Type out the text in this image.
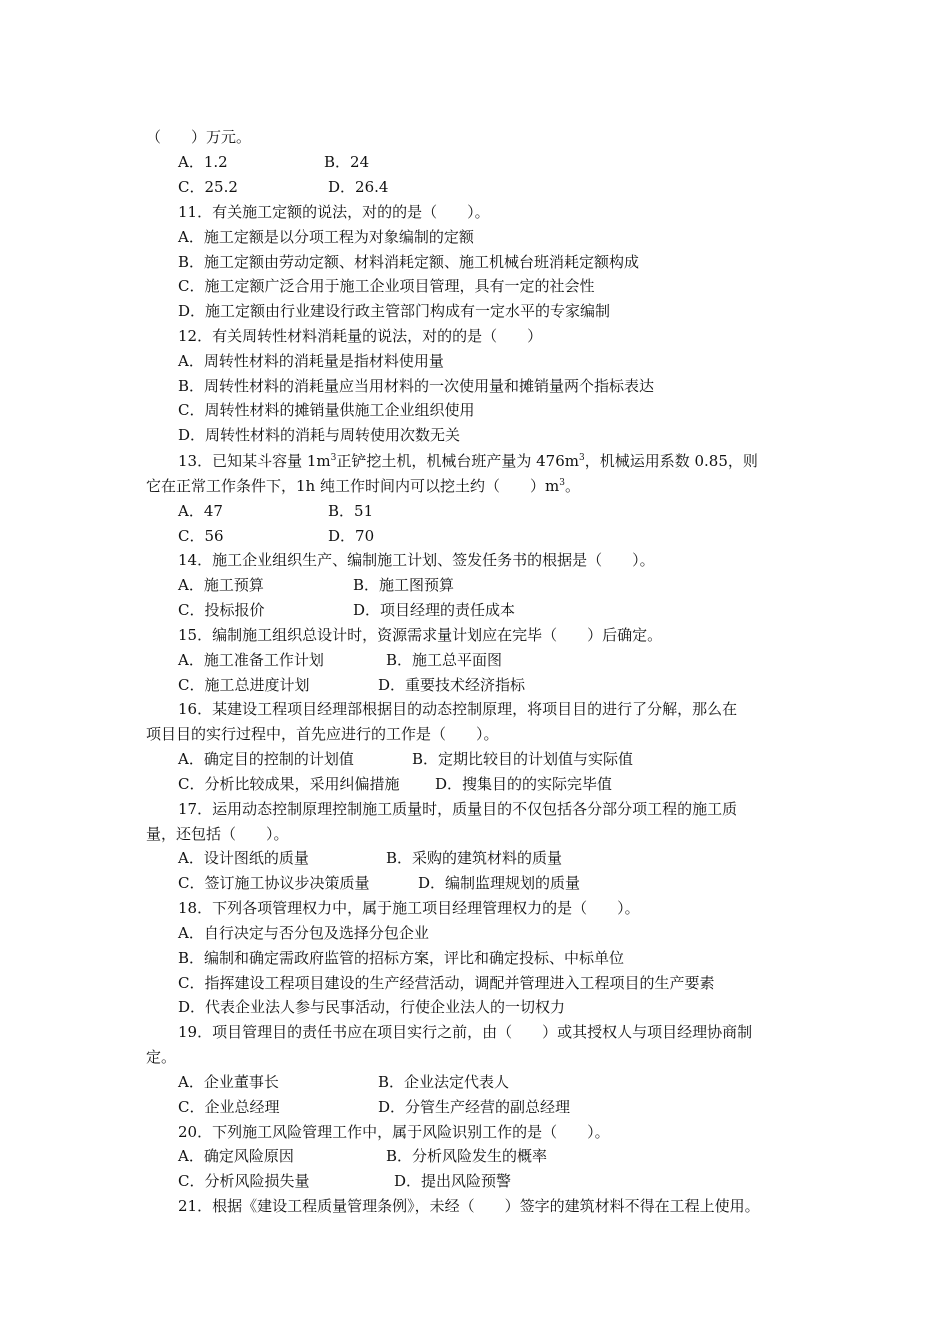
（　　）万元。
A．1.2	B．24
C．25.2	D．26.4
11．有关施工定额的说法，对的的是（　　）。
A．施工定额是以分项工程为对象编制的定额
B．施工定额由劳动定额、材料消耗定额、施工机械台班消耗定额构成
C．施工定额广泛合用于施工企业项目管理，具有一定的社会性
D．施工定额由行业建设行政主管部门构成有一定水平的专家编制
12．有关周转性材料消耗量的说法，对的的是（　　）
A．周转性材料的消耗量是指材料使用量
B．周转性材料的消耗量应当用材料的一次使用量和摊销量两个指标表达
C．周转性材料的摊销量供施工企业组织使用
D．周转性材料的消耗与周转使用次数无关
13．已知某斗容量 $1m^3$正铲挖土机，机械台班产量为 $476m^3$，机械运用系数 0.85，则
它在正常工作条件下，1h 纯工作时间内可以挖土约（　　）$m^3$。
A．47	B．51
C．56	D．70
14．施工企业组织生产、编制施工计划、签发任务书的根据是（　　）。
A．施工预算	B．施工图预算
C．投标报价	D．项目经理的责任成本
15．编制施工组织总设计时，资源需求量计划应在完毕（　　）后确定。
A．施工准备工作计划	B．施工总平面图
C．施工总进度计划	D．重要技术经济指标
16．某建设工程项目经理部根据目的动态控制原理，将项目目的进行了分解，那么在
项目目的实行过程中，首先应进行的工作是（　　）。
A．确定目的控制的计划值	B．定期比较目的计划值与实际值
C．分析比较成果，采用纠偏措施 D．搜集目的的实际完毕值
17．运用动态控制原理控制施工质量时，质量目的不仅包括各分部分项工程的施工质
量，还包括（　　）。
A．设计图纸的质量	B．采购的建筑材料的质量
C．签订施工协议步决策质量	D．编制监理规划的质量
18．下列各项管理权力中，属于施工项目经理管理权力的是（　　）。
A．自行决定与否分包及选择分包企业
B．编制和确定需政府监管的招标方案，评比和确定投标、中标单位
C．指挥建设工程项目建设的生产经营活动，调配并管理进入工程项目的生产要素
D．代表企业法人参与民事活动，行使企业法人的一切权力
19．项目管理目的责任书应在项目实行之前，由（　　）或其授权人与项目经理协商制
定。
A．企业董事长	B．企业法定代表人
C．企业总经理	D．分管生产经营的副总经理
20．下列施工风险管理工作中，属于风险识别工作的是（　　）。
A．确定风险原因	B．分析风险发生的概率
C．分析风险损失量	D．提出风险预警
21．根据《建设工程质量管理条例》，未经（　　）签字的建筑材料不得在工程上使用。
